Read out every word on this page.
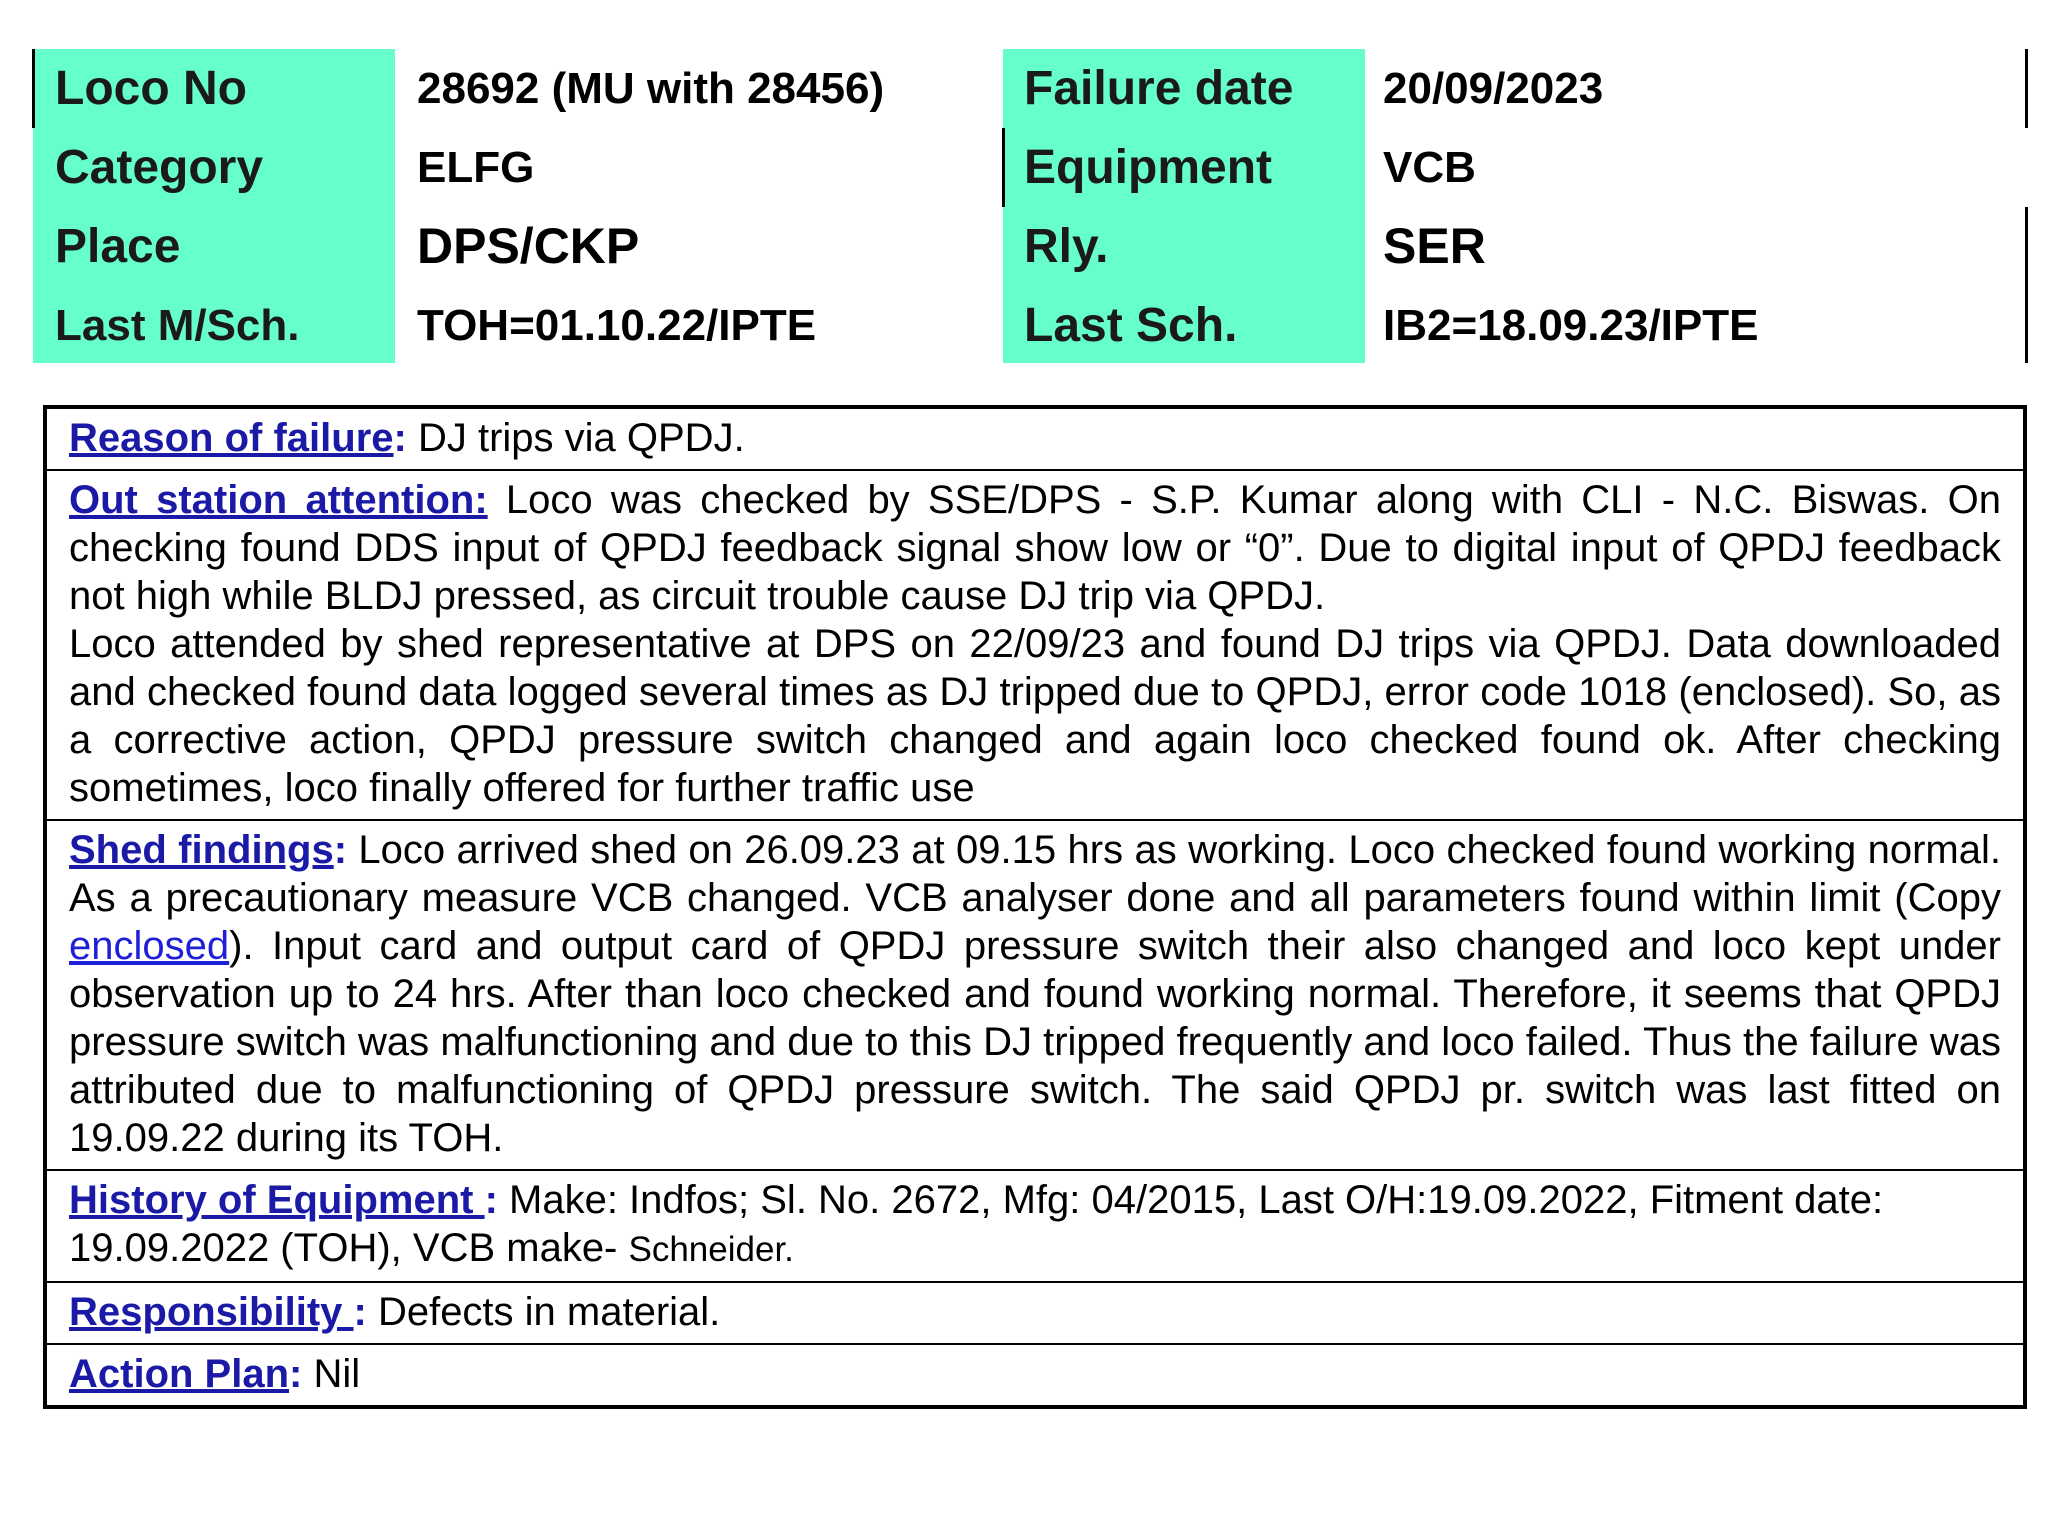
Loco No	28692 (MU with 28456)	Failure date 20/09/2023
Category	ELFG	Equipment	VCB
Place	DPS/CKP	Rly.	SER
Last M/Sch.	TOH=01.10.22/IPTE	Last Sch.	IB2=18.09.23/IPTE
Reason of failure: DJ trips via QPDJ.
Out station attention: Loco was checked by SSE/DPS - S.P. Kumar along with CLI - N.C. Biswas. On checking found DDS input of QPDJ feedback signal show low or “0”. Due to digital input of QPDJ feedback not high while BLDJ pressed, as circuit trouble cause DJ trip via QPDJ.
Loco attended by shed representative at DPS on 22/09/23 and found DJ trips via QPDJ. Data downloaded and checked found data logged several times as DJ tripped due to QPDJ, error code 1018 (enclosed). So, as a corrective action, QPDJ pressure switch changed and again loco checked found ok. After checking sometimes, loco finally offered for further traffic use
Shed findings: Loco arrived shed on 26.09.23 at 09.15 hrs as working. Loco checked found working normal. As a precautionary measure VCB changed. VCB analyser done and all parameters found within limit (Copy enclosed). Input card and output card of QPDJ pressure switch their also changed and loco kept under observation up to 24 hrs. After than loco checked and found working normal. Therefore, it seems that QPDJ pressure switch was malfunctioning and due to this DJ tripped frequently and loco failed. Thus the failure was attributed due to malfunctioning of QPDJ pressure switch. The said QPDJ pr. switch was last fitted on 19.09.22 during its TOH.
History of Equipment : Make: Indfos; Sl. No. 2672, Mfg: 04/2015, Last O/H:19.09.2022, Fitment date: 19.09.2022 (TOH), VCB make- Schneider.
Responsibility : Defects in material.
Action Plan: Nil
